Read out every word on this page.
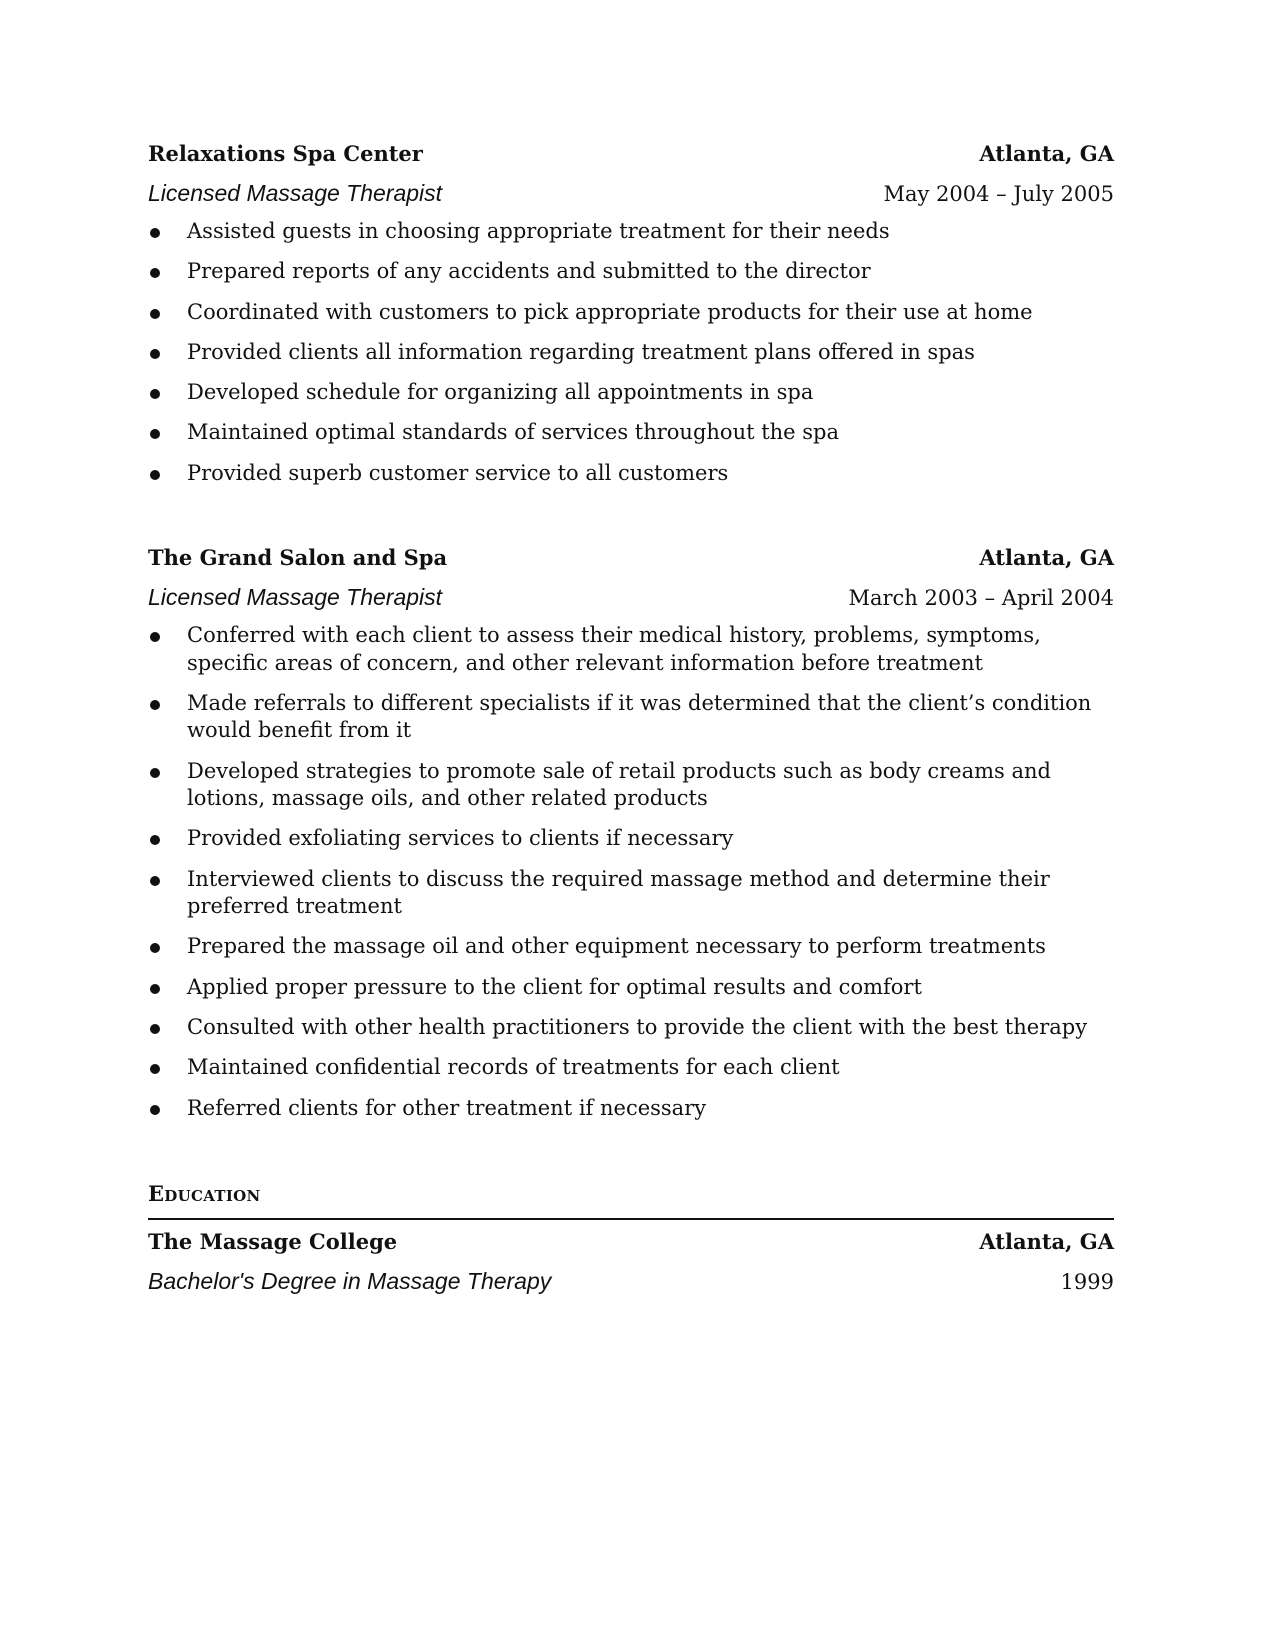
Relaxations Spa Center	Atlanta, GA
Licensed Massage Therapist	May 2004 – July 2005
Assisted guests in choosing appropriate treatment for their needs
Prepared reports of any accidents and submitted to the director
Coordinated with customers to pick appropriate products for their use at home
Provided clients all information regarding treatment plans offered in spas
Developed schedule for organizing all appointments in spa
Maintained optimal standards of services throughout the spa
Provided superb customer service to all customers
The Grand Salon and Spa	Atlanta, GA
Licensed Massage Therapist	March 2003 – April 2004
Conferred with each client to assess their medical history, problems, symptoms, specific areas of concern, and other relevant information before treatment
Made referrals to different specialists if it was determined that the client’s condition would benefit from it
Developed strategies to promote sale of retail products such as body creams and lotions, massage oils, and other related products
Provided exfoliating services to clients if necessary
Interviewed clients to discuss the required massage method and determine their preferred treatment
Prepared the massage oil and other equipment necessary to perform treatments
Applied proper pressure to the client for optimal results and comfort
Consulted with other health practitioners to provide the client with the best therapy
Maintained confidential records of treatments for each client
Referred clients for other treatment if necessary
Education
The Massage College	Atlanta, GA
Bachelor's Degree in Massage Therapy	1999
